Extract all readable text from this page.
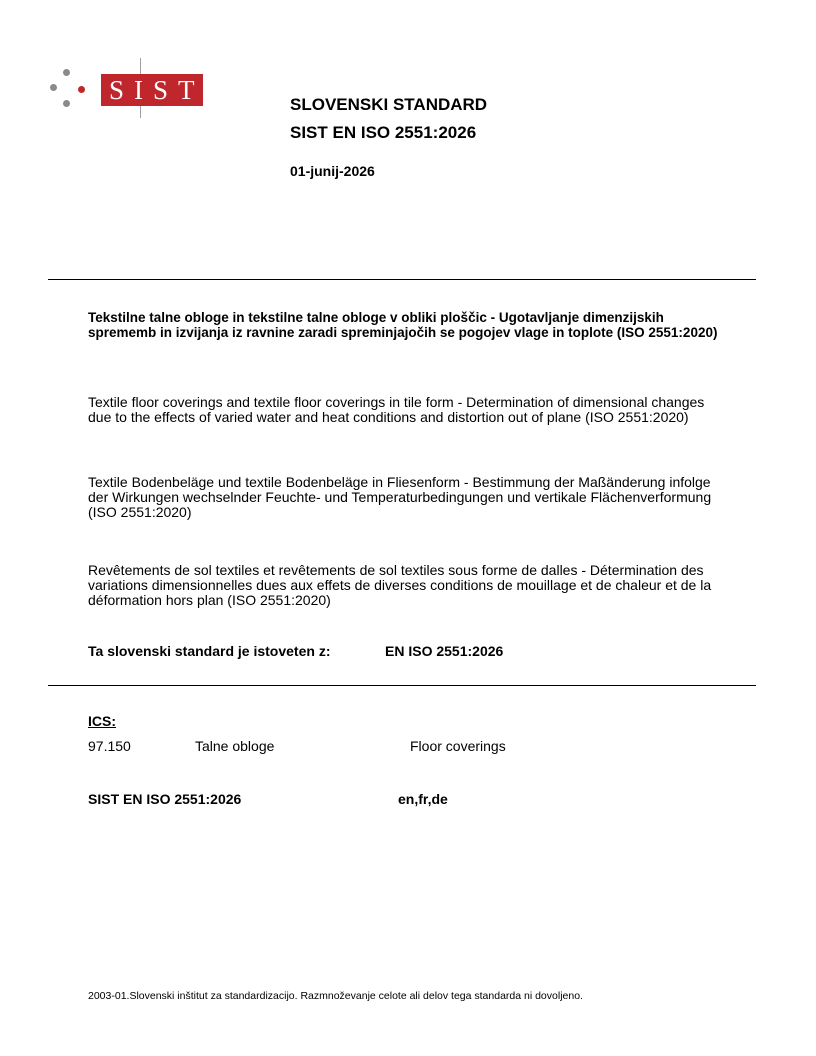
SIST	SLOVENSKI STANDARD
SIST EN ISO 2551:2026
01-junij-2026
Tekstilne talne obloge in tekstilne talne obloge v obliki ploščic - Ugotavljanje dimenzijskih sprememb in izvijanja iz ravnine zaradi spreminjajočih se pogojev vlage in toplote (ISO 2551:2020)
Textile floor coverings and textile floor coverings in tile form - Determination of dimensional changes due to the effects of varied water and heat conditions and distortion out of plane (ISO 2551:2020)
Textile Bodenbeläge und textile Bodenbeläge in Fliesenform - Bestimmung der Maßänderung infolge der Wirkungen wechselnder Feuchte- und Temperaturbedingungen und vertikale Flächenverformung (ISO 2551:2020)
Revêtements de sol textiles et revêtements de sol textiles sous forme de dalles - Détermination des variations dimensionnelles dues aux effets de diverses conditions de mouillage et de chaleur et de la déformation hors plan (ISO 2551:2020)
Ta slovenski standard je istoveten z:	EN ISO 2551:2026
ICS:
97.150	Talne obloge	Floor coverings
SIST EN ISO 2551:2026	en,fr,de
2003-01.Slovenski inštitut za standardizacijo. Razmnoževanje celote ali delov tega standarda ni dovoljeno.
